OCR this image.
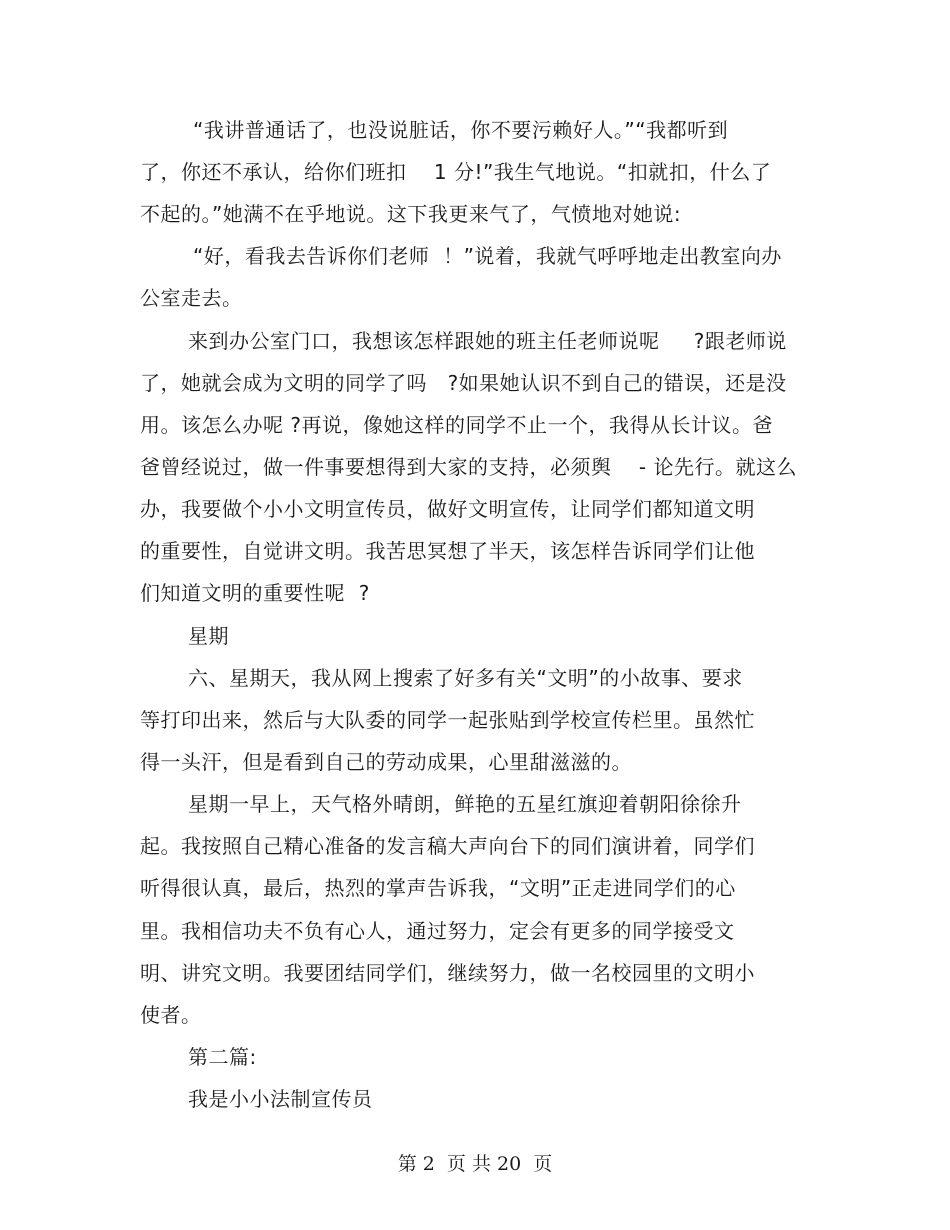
“我讲普通话了，也没说脏话，你不要污赖好人。”“我都听到
了，你还不承认，给你们班扣    1 分!”我生气地说。“扣就扣，什么了
不起的。”她满不在乎地说。这下我更来气了，气愤地对她说:
“好，看我去告诉你们老师  ！”说着，我就气呼呼地走出教室向办
公室走去。
来到办公室门口，我想该怎样跟她的班主任老师说呢     ?跟老师说
了，她就会成为文明的同学了吗   ?如果她认识不到自己的错误，还是没
用。该怎么办呢 ?再说，像她这样的同学不止一个，我得从长计议。爸
爸曾经说过，做一件事要想得到大家的支持，必须舆    - 论先行。就这么
办，我要做个小小文明宣传员，做好文明宣传，让同学们都知道文明
的重要性，自觉讲文明。我苦思冥想了半天，该怎样告诉同学们让他
们知道文明的重要性呢  ?
星期
六、星期天，我从网上搜索了好多有关“文明”的小故事、要求
等打印出来，然后与大队委的同学一起张贴到学校宣传栏里。虽然忙
得一头汗，但是看到自己的劳动成果，心里甜滋滋的。
星期一早上，天气格外晴朗，鲜艳的五星红旗迎着朝阳徐徐升
起。我按照自己精心准备的发言稿大声向台下的同们演讲着，同学们
听得很认真，最后，热烈的掌声告诉我，“文明”正走进同学们的心
里。我相信功夫不负有心人，通过努力，定会有更多的同学接受文
明、讲究文明。我要团结同学们，继续努力，做一名校园里的文明小
使者。
第二篇:
我是小小法制宣传员
第 2  页 共 20  页
